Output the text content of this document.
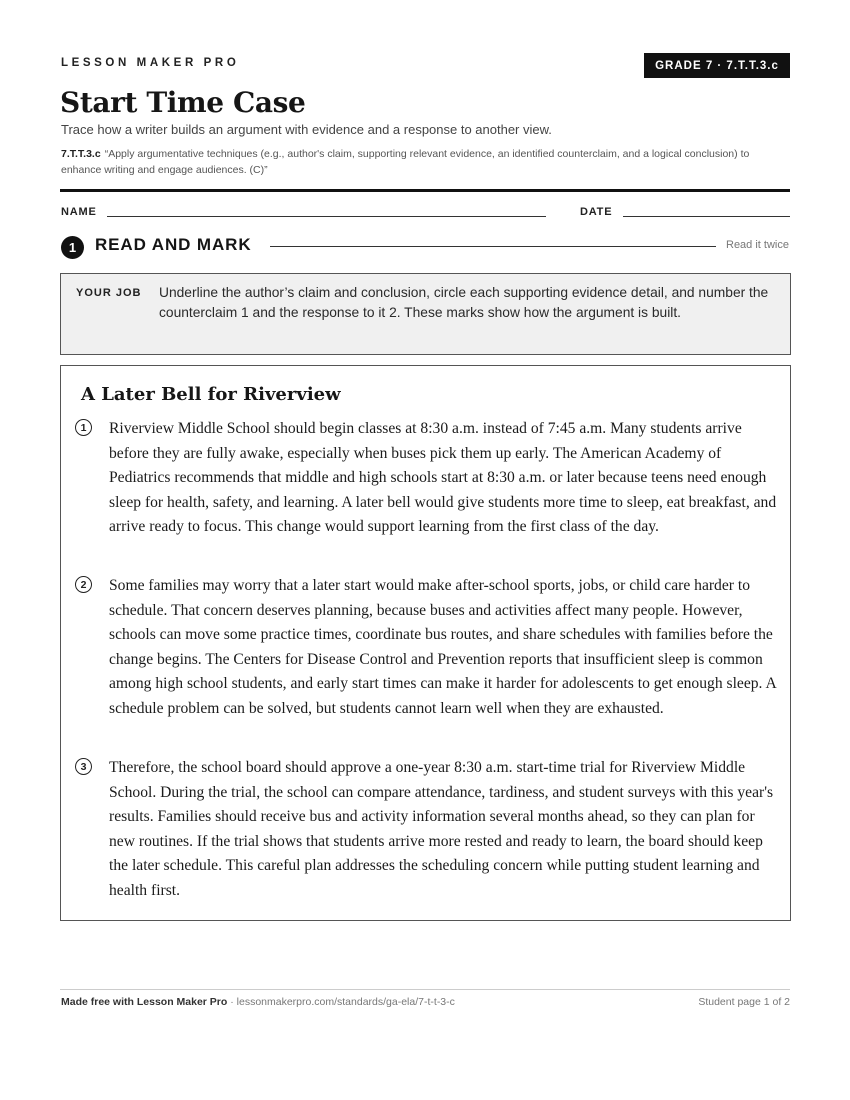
LESSON MAKER PRO	GRADE 7 · 7.T.T.3.c
Start Time Case
Trace how a writer builds an argument with evidence and a response to another view.
7.T.T.3.c “Apply argumentative techniques (e.g., author's claim, supporting relevant evidence, an identified counterclaim, and a logical conclusion) to enhance writing and engage audiences. (C)”
NAME	DATE
1	READ AND MARK	Read it twice
YOUR JOB Underline the author’s claim and conclusion, circle each supporting evidence detail, and number the counterclaim 1 and the response to it 2. These marks show how the argument is built.
A Later Bell for Riverview
1	Riverview Middle School should begin classes at 8:30 a.m. instead of 7:45 a.m. Many students arrive before they are fully awake, especially when buses pick them up early. The American Academy of Pediatrics recommends that middle and high schools start at 8:30 a.m. or later because teens need enough sleep for health, safety, and learning. A later bell would give students more time to sleep, eat breakfast, and arrive ready to focus. This change would support learning from the first class of the day.

2	Some families may worry that a later start would make after-school sports, jobs, or child care harder to schedule. That concern deserves planning, because buses and activities affect many people. However, schools can move some practice times, coordinate bus routes, and share schedules with families before the change begins. The Centers for Disease Control and Prevention reports that insufficient sleep is common among high school students, and early start times can make it harder for adolescents to get enough sleep. A schedule problem can be solved, but students cannot learn well when they are exhausted.

3	Therefore, the school board should approve a one-year 8:30 a.m. start-time trial for Riverview Middle School. During the trial, the school can compare attendance, tardiness, and student surveys with this year's results. Families should receive bus and activity information several months ahead, so they can plan for new routines. If the trial shows that students arrive more rested and ready to learn, the board should keep the later schedule. This careful plan addresses the scheduling concern while putting student learning and health first.

Made free with Lesson Maker Pro · lessonmakerpro.com/standards/ga-ela/7-t-t-3-c	Student page 1 of 2
